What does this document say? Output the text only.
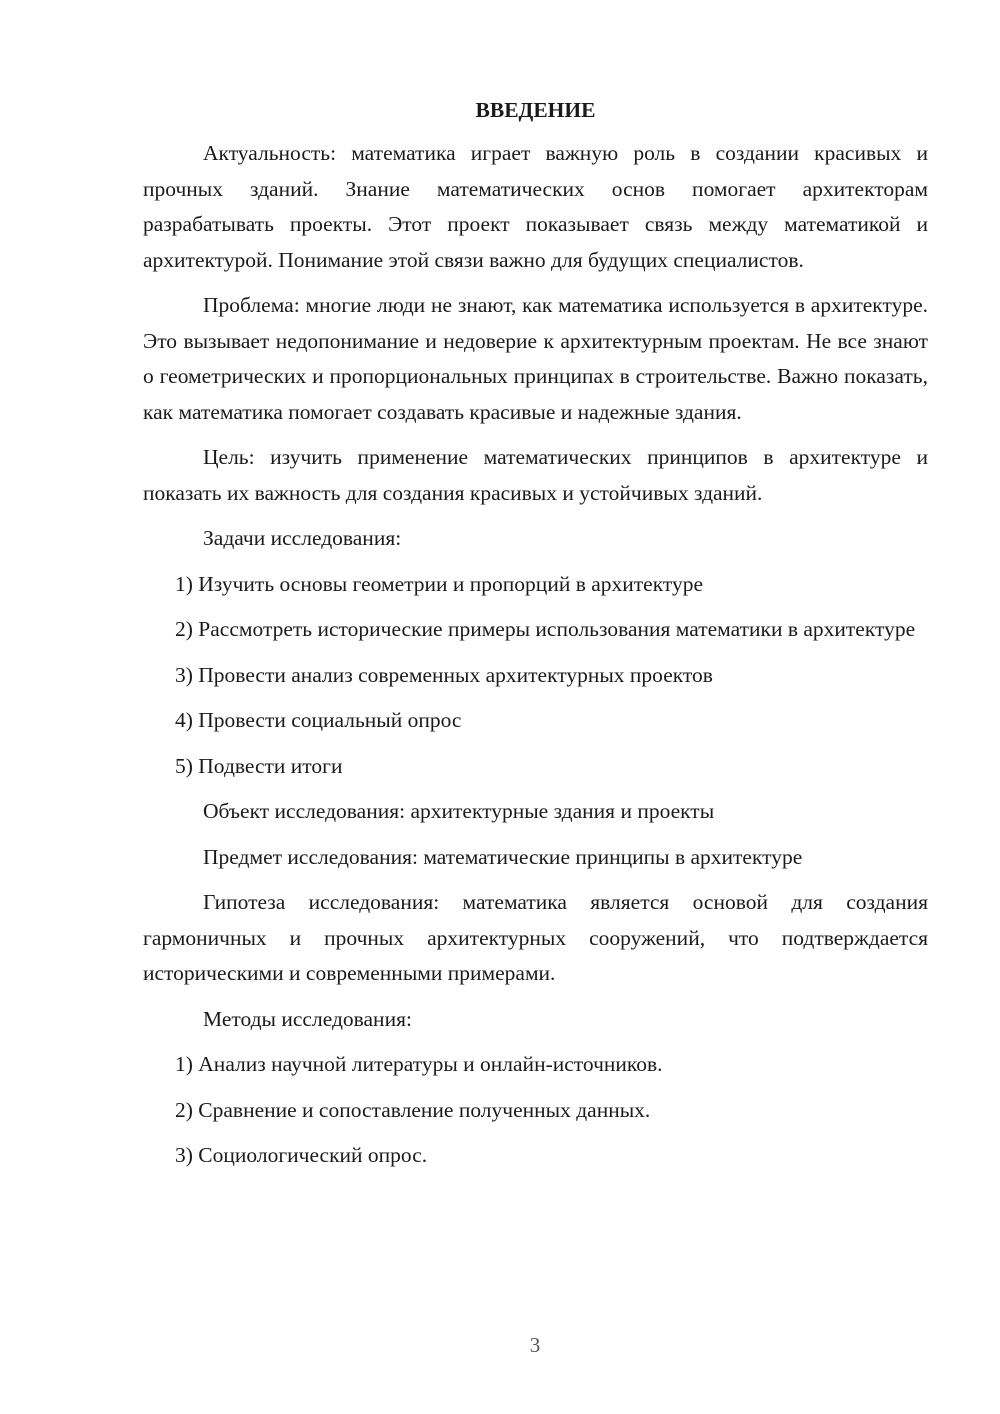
ВВЕДЕНИЕ

Актуальность: математика играет важную роль в создании красивых и прочных зданий. Знание математических основ помогает архитекторам разрабатывать проекты. Этот проект показывает связь между математикой и архитектурой. Понимание этой связи важно для будущих специалистов.

Проблема: многие люди не знают, как математика используется в архитектуре. Это вызывает недопонимание и недоверие к архитектурным проектам. Не все знают о геометрических и пропорциональных принципах в строительстве. Важно показать, как математика помогает создавать красивые и надежные здания.

Цель: изучить применение математических принципов в архитектуре и показать их важность для создания красивых и устойчивых зданий.

Задачи исследования:

1) Изучить основы геометрии и пропорций в архитектуре

2) Рассмотреть исторические примеры использования математики в архитектуре

3) Провести анализ современных архитектурных проектов

4) Провести социальный опрос

5) Подвести итоги

Объект исследования: архитектурные здания и проекты

Предмет исследования: математические принципы в архитектуре

Гипотеза исследования: математика является основой для создания гармоничных и прочных архитектурных сооружений, что подтверждается историческими и современными примерами.

Методы исследования:

1) Анализ научной литературы и онлайн-источников.

2) Сравнение и сопоставление полученных данных.

3) Социологический опрос.

3
